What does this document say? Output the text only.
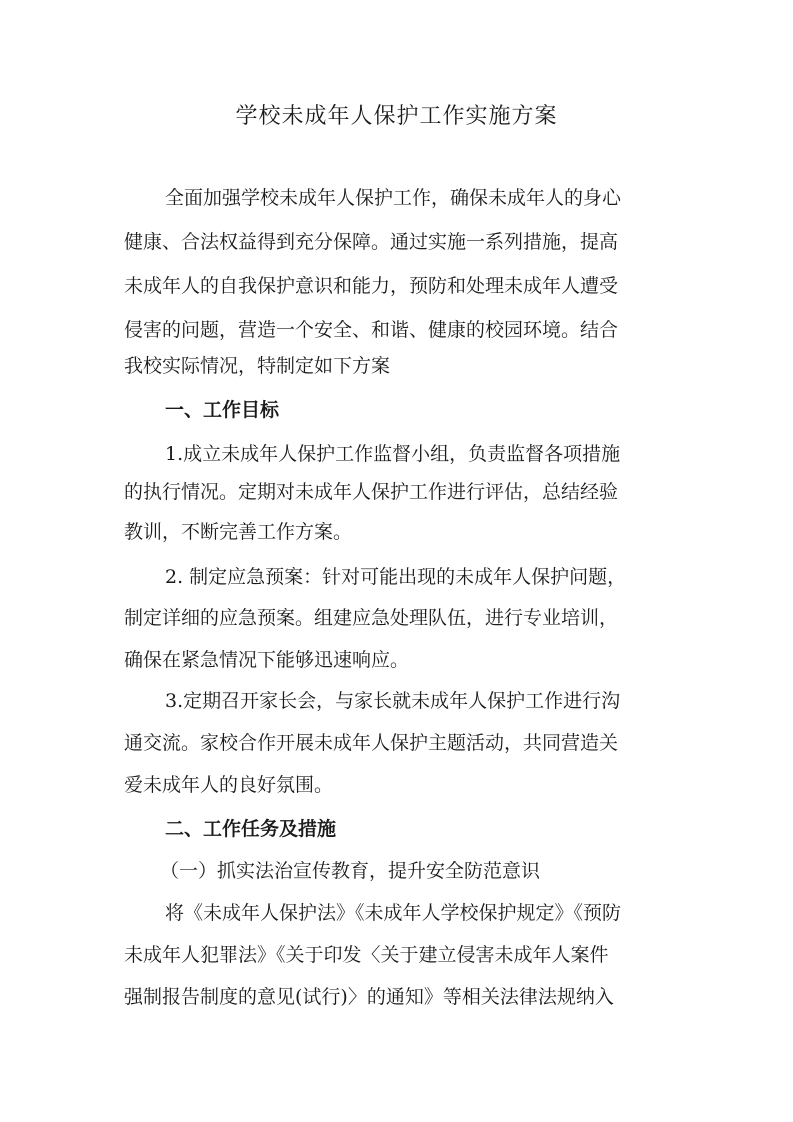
学校未成年人保护工作实施方案
全面加强学校未成年人保护工作，确保未成年人的身心
健康、合法权益得到充分保障。通过实施一系列措施，提高
未成年人的自我保护意识和能力，预防和处理未成年人遭受
侵害的问题，营造一个安全、和谐、健康的校园环境。结合
我校实际情况，特制定如下方案
一、工作目标
1.成立未成年人保护工作监督小组，负责监督各项措施
的执行情况。定期对未成年人保护工作进行评估，总结经验
教训，不断完善工作方案。
2. 制定应急预案：针对可能出现的未成年人保护问题，
制定详细的应急预案。组建应急处理队伍，进行专业培训，
确保在紧急情况下能够迅速响应。
3.定期召开家长会，与家长就未成年人保护工作进行沟
通交流。家校合作开展未成年人保护主题活动，共同营造关
爱未成年人的良好氛围。
二、工作任务及措施
（一）抓实法治宣传教育，提升安全防范意识
将《未成年人保护法》《未成年人学校保护规定》《预防
未成年人犯罪法》《关于印发〈关于建立侵害未成年人案件
强制报告制度的意见(试行)〉的通知》等相关法律法规纳入
